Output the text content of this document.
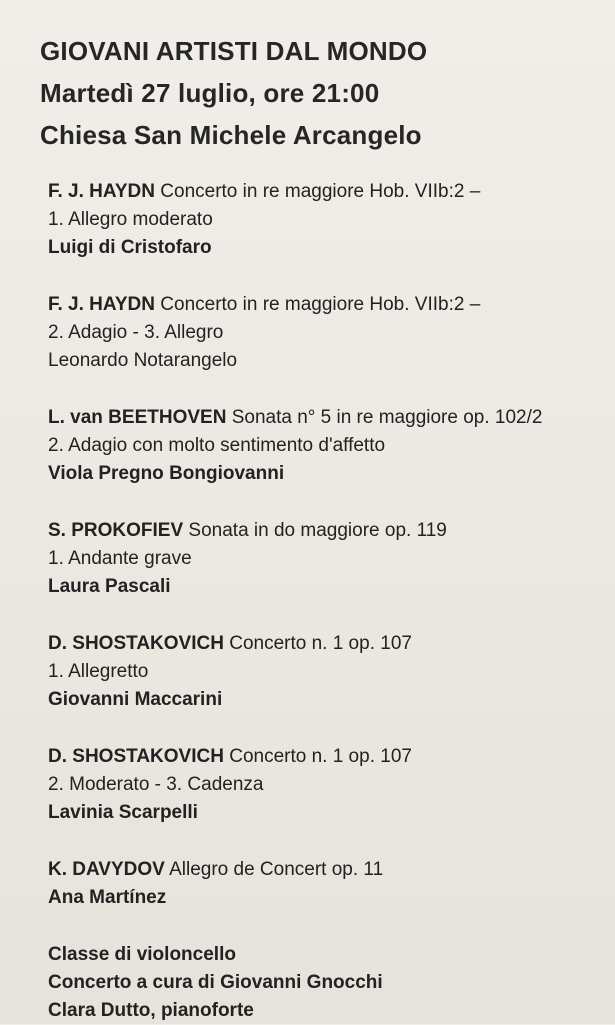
GIOVANI ARTISTI DAL MONDO
Martedì 27 luglio, ore 21:00
Chiesa San Michele Arcangelo
F. J. HAYDN Concerto in re maggiore Hob. VIIb:2 –
1. Allegro moderato
Luigi di Cristofaro
F. J. HAYDN Concerto in re maggiore Hob. VIIb:2 –
2. Adagio - 3. Allegro
Leonardo Notarangelo
L. van BEETHOVEN Sonata n° 5 in re maggiore op. 102/2
2. Adagio con molto sentimento d'affetto
Viola Pregno Bongiovanni
S. PROKOFIEV Sonata in do maggiore op. 119
1. Andante grave
Laura Pascali
D. SHOSTAKOVICH Concerto n. 1 op. 107
1. Allegretto
Giovanni Maccarini
D. SHOSTAKOVICH Concerto n. 1 op. 107
2. Moderato - 3. Cadenza
Lavinia Scarpelli
K. DAVYDOV Allegro de Concert op. 11
Ana Martínez
Classe di violoncello
Concerto a cura di Giovanni Gnocchi
Clara Dutto, pianoforte
